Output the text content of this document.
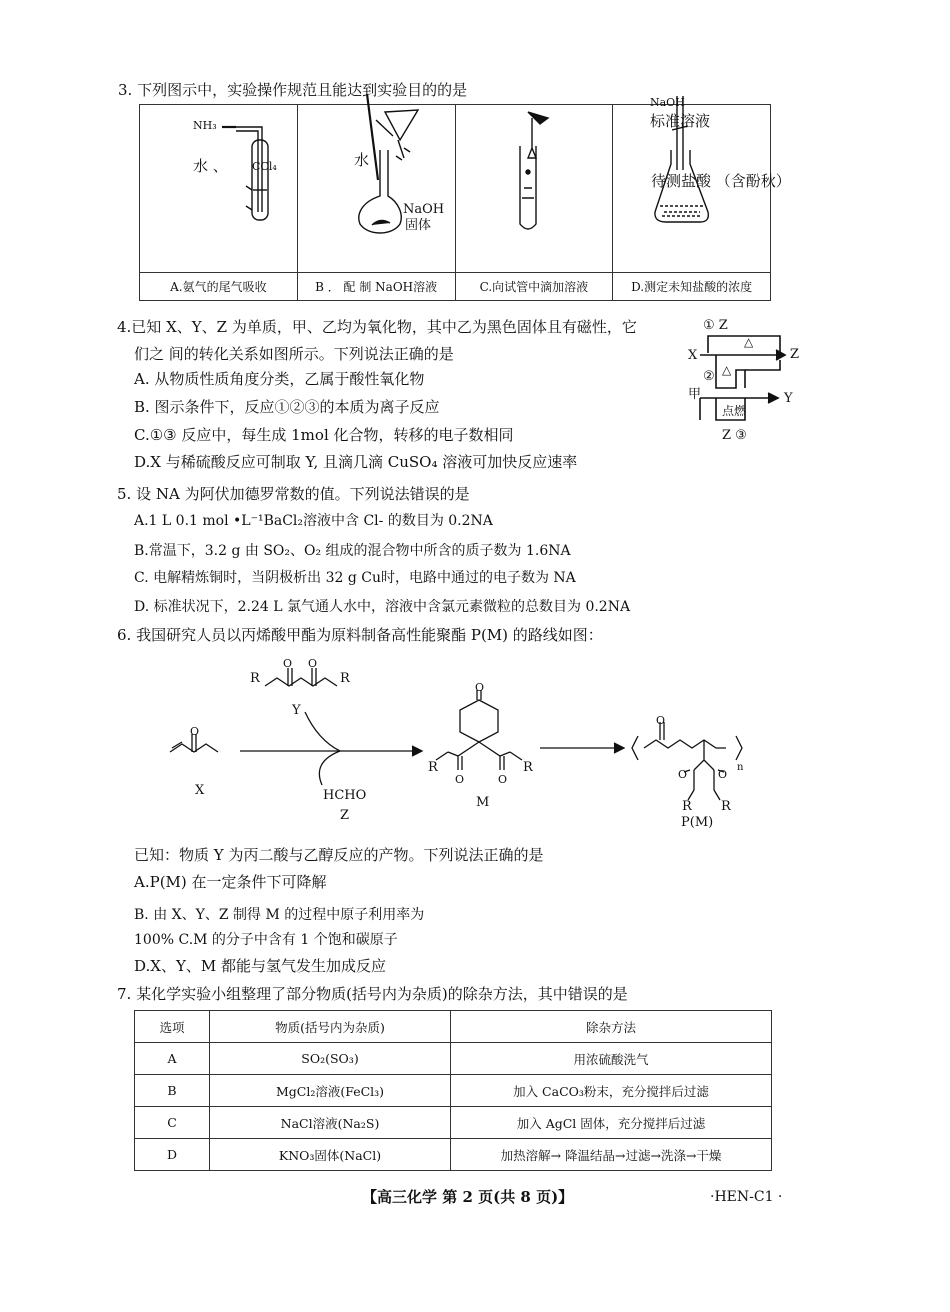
3. 下列图示中，实验操作规范且能达到实验目的的是

A.氨气的尾气吸收	B ． 配 制 NaOH溶液	C.向试管中滴加溶液	D.测定未知盐酸的浓度
NH₃
水 、 CCl₄	水
NaOH
固体
NaOH
标准溶液
待测盐酸 （含酚秋）
4.已知 X、Y、Z 为单质，甲、乙均为氧化物，其中乙为黑色固体且有磁性，它
们之 间的转化关系如图所示。下列说法正确的是
A. 从物质性质角度分类，乙属于酸性氧化物
B. 图示条件下，反应①②③的本质为离子反应
C.①③ 反应中，每生成 1mol 化合物，转移的电子数相同
D.X 与稀硫酸反应可制取 Y, 且滴几滴 CuSO₄ 溶液可加快反应速率
① Z
△
X	Z
② △
甲	Y
点燃
Z ③
5. 设 NA 为阿伏加德罗常数的值。下列说法错误的是
A.1 L 0.1 mol •L⁻¹BaCl₂溶液中含 Cl- 的数目为 0.2NA
B.常温下，3.2 g 由 SO₂、O₂ 组成的混合物中所含的质子数为 1.6NA
C. 电解精炼铜时，当阴极析出 32 g Cu时，电路中通过的电子数为 NA
D. 标准状况下，2.24 L 氯气通人水中，溶液中含氯元素微粒的总数目为 0.2NA
6. 我国研究人员以丙烯酸甲酯为原料制备高性能聚酯 P(M) 的路线如图：
R
O O
R
Y
O
X	HCHO
Z
O
R
O	O
R
M
O
n
O	O
R R
P(M)
已知：物质 Y 为丙二酸与乙醇反应的产物。下列说法正确的是
A.P(M) 在一定条件下可降解
B. 由 X、Y、Z 制得 M 的过程中原子利用率为
100% C.M 的分子中含有 1 个饱和碳原子
D.X、Y、M 都能与氢气发生加成反应
7. 某化学实验小组整理了部分物质(括号内为杂质)的除杂方法，其中错误的是
选项	物质(括号内为杂质)	除杂方法
A	SO₂(SO₃)	用浓硫酸洗气
B	MgCl₂溶液(FeCl₃)	加入 CaCO₃粉末，充分搅拌后过滤
C	NaCl溶液(Na₂S)	加入 AgCl 固体，充分搅拌后过滤
D	KNO₃固体(NaCl)	加热溶解→ 降温结晶→过滤→洗涤→干燥
【高三化学 第 2 页(共 8 页)】	·HEN-C1 ·
